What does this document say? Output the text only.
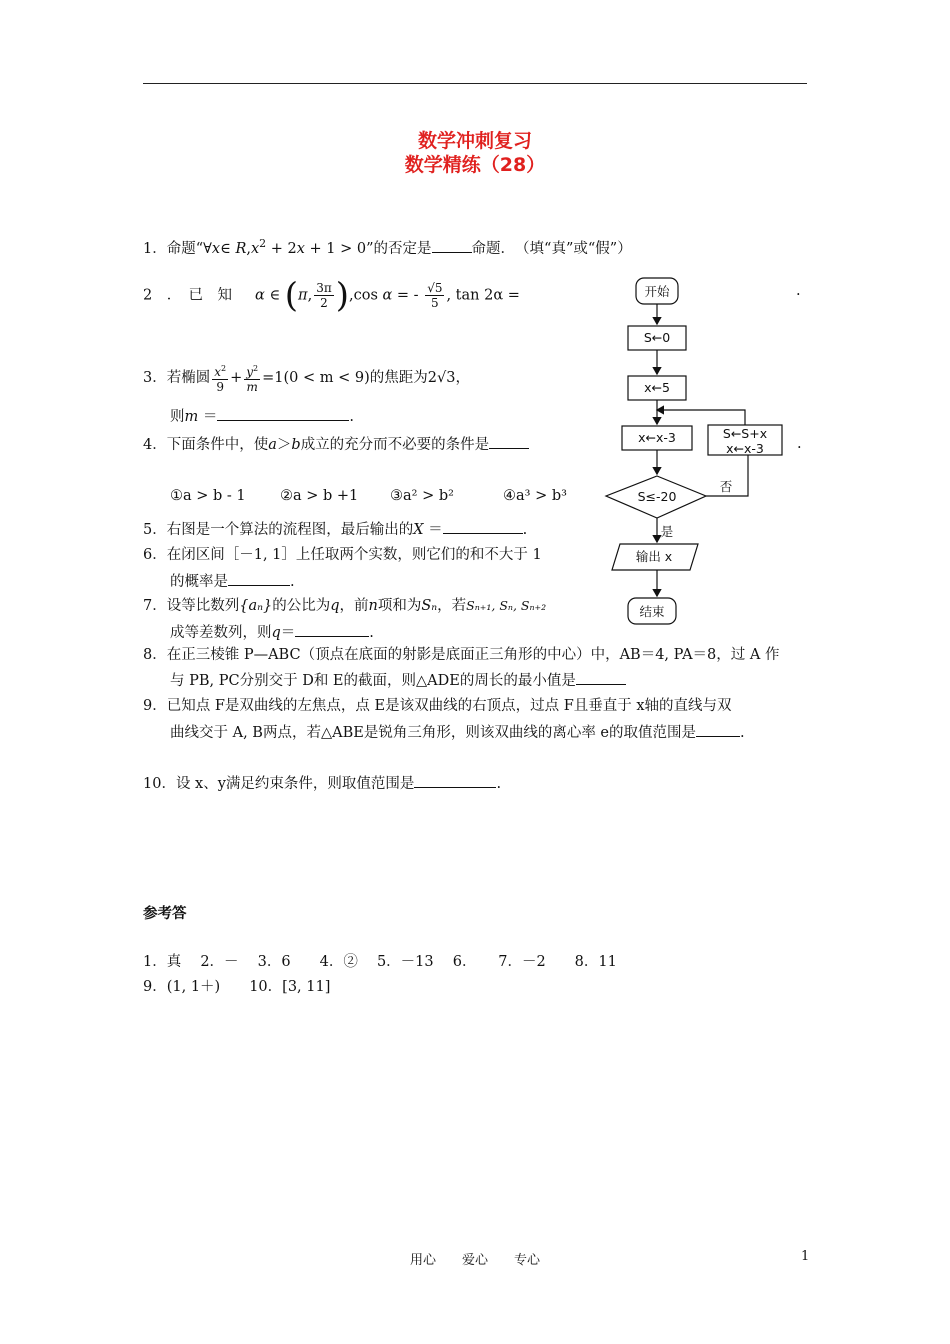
数学冲刺复习
数学精练（28）
1．命题“∀x∈ $R,x^2 + 2x + 1 > 0$”的否定是	命题．　（填“真”或“假”）
2　．　已　知 α ∈ (π, $\frac{3\pi}{2} ),\cos$ α = - $\frac{√5}{5}$ , tan 2α =	.
3．若椭圆 $\frac{x^2}{9} + \frac{y^2}{m} =1(0 < m < 9)$的焦距为2√3，
则m ＝	.
4．下面条件中，使a＞b成立的充分而不必要的条件是	.
①a > b - 1 ②a > b +1 ③a² > b²	④a³ > b³
5．右图是一个算法的流程图，最后输出的X ＝	.
6．在闭区间［－1, 1］上任取两个实数，则它们的和不大于 1
的概率是	.
7．设等比数列{aₙ}的公比为q，前n项和为Sₙ，若Sₙ₊₁, Sₙ, Sₙ₊₂
成等差数列，则q＝	.
8．在正三棱锥 P—ABC（顶点在底面的射影是底面正三角形的中心）中，AB＝4, PA＝8，过 A 作
与 PB, PC分别交于 D和 E的截面，则△ADE的周长的最小值是
9．已知点 F是双曲线的左焦点，点 E是该双曲线的右顶点，过点 F且垂直于 x轴的直线与双
曲线交于 A, B两点，若△ABE是锐角三角形，则该双曲线的离心率 e的取值范围是	.
10．设 x、y满足约束条件，则取值范围是	.
开始
S←0
x←5
x←x-3	S←S+x
x←x-3
S≤-20
否
是
输出 x
结束
参考答
1．真　 2．－　 3．6　　4．②　 5．－13　 6．　　7．－2　　8．11
9．(1, 1＋)　　10．[3, 11]
用心　　爱心　　专心	1
